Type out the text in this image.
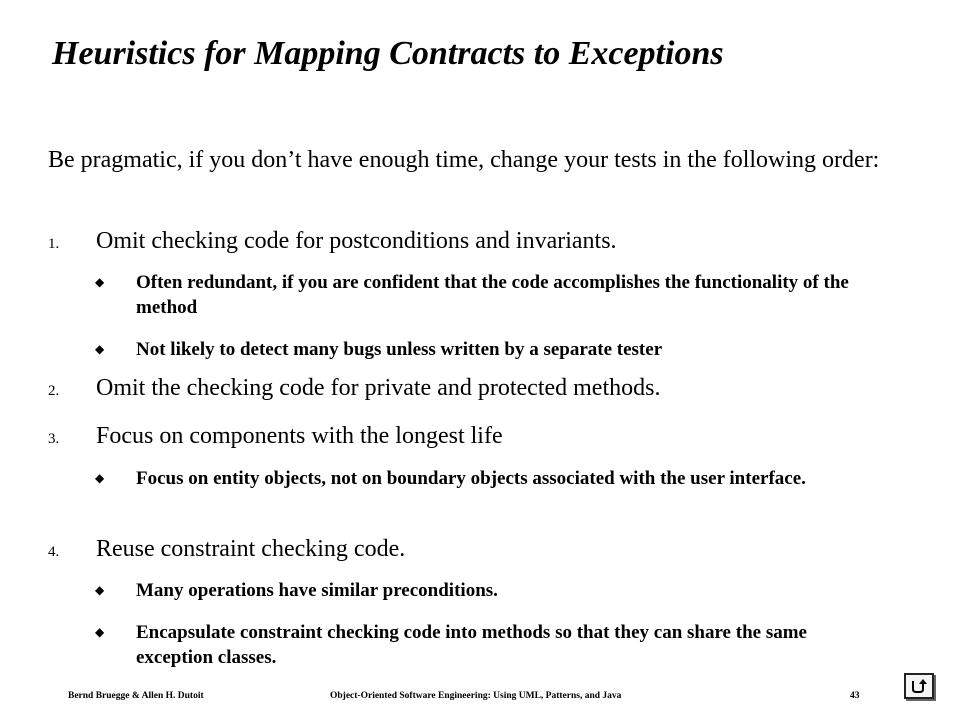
Heuristics for Mapping Contracts to Exceptions
Be pragmatic, if you don’t have enough time, change your tests in the following order:
1. Omit checking code for postconditions and invariants.
◆ Often redundant, if you are confident that the code accomplishes the functionality of the method
◆ Not likely to detect many bugs unless written by a separate tester
2. Omit the checking code for private and protected methods.
3. Focus on components with the longest life
◆ Focus on entity objects, not on boundary objects associated with the user interface.
4. Reuse constraint checking code.
◆ Many operations have similar preconditions.
◆ Encapsulate constraint checking code into methods so that they can share the same exception classes.
Bernd Bruegge & Allen H. Dutoit	Object-Oriented Software Engineering: Using UML, Patterns, and Java	43
